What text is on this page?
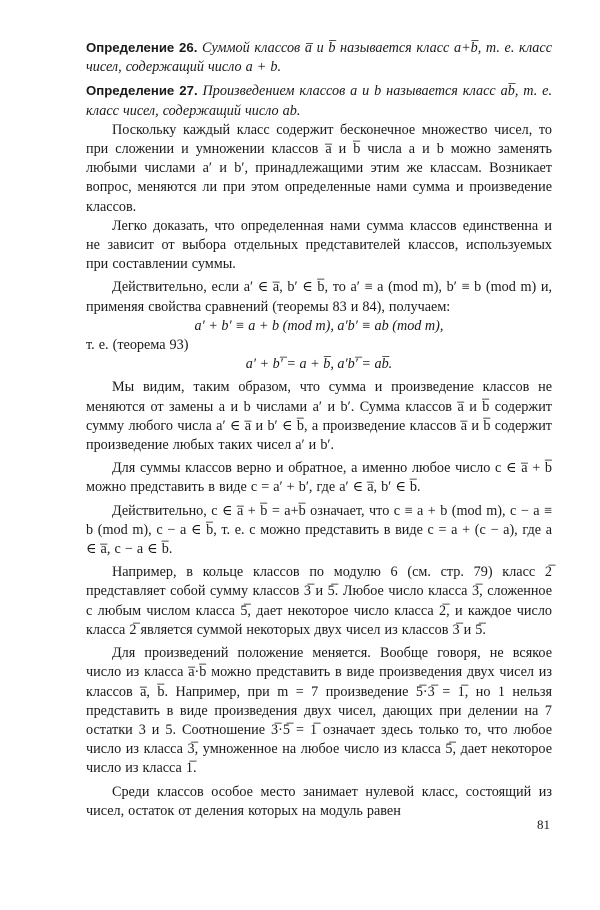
Определение 26. Суммой классов a̅ и b̅ называется класс a+b̅, т. е. класс чисел, содержащий число a + b.

Определение 27. Произведением классов a и b называется класс ab̅, т. е. класс чисел, содержащий число ab.

Поскольку каждый класс содержит бесконечное множество чисел, то при сложении и умножении классов a̅ и b̅ числа a и b можно заменять любыми числами a′ и b′, принадлежащими этим же классам. Возникает вопрос, меняются ли при этом определенные нами сумма и произведение классов.

Легко доказать, что определенная нами сумма классов единственна и не зависит от выбора отдельных представителей классов, используемых при составлении суммы.

Действительно, если a′ ∈ a̅, b′ ∈ b̅, то a′ ≡ a (mod m), b′ ≡ b (mod m) и, применяя свойства сравнений (теоремы 83 и 84), получаем:

a′ + b′ ≡ a + b (mod m), a′b′ ≡ ab (mod m),

т. е. (теорема 93)

a′ + b′̅ = a + b̅, a′b′̅ = ab̅.

Мы видим, таким образом, что сумма и произведение классов не меняются от замены a и b числами a′ и b′. Сумма классов a̅ и b̅ содержит сумму любого числа a′ ∈ a̅ и b′ ∈ b̅, а произведение классов a̅ и b̅ содержит произведение любых таких чисел a′ и b′.

Для суммы классов верно и обратное, а именно любое число c ∈ a̅ + b̅ можно представить в виде c = a′ + b′, где a′ ∈ a̅, b′ ∈ b̅.

Действительно, c ∈ a̅ + b̅ = a+b̅ означает, что c ≡ a + b (mod m), c − a ≡ b (mod m), c − a ∈ b̅, т. е. c можно представить в виде c = a + (c − a), где a ∈ a̅, c − a ∈ b̅.

Например, в кольце классов по модулю 6 (см. стр. 79) класс 2̅ представляет собой сумму классов 3̅ и 5̅. Любое число класса 3̅, сложенное с любым числом класса 5̅, дает некоторое число класса 2̅, и каждое число класса 2̅ является суммой некоторых двух чисел из классов 3̅ и 5̅.

Для произведений положение меняется. Вообще говоря, не всякое число из класса a̅·b̅ можно представить в виде произведения двух чисел из классов a̅, b̅. Например, при m = 7 произведение 5̅·3̅ = 1̅, но 1 нельзя представить в виде произведения двух чисел, дающих при делении на 7 остатки 3 и 5. Соотношение 3̅·5̅ = 1̅ означает здесь только то, что любое число из класса 3̅, умноженное на любое число из класса 5̅, дает некоторое число из класса 1̅.

Среди классов особое место занимает нулевой класс, состоящий из чисел, остаток от деления которых на модуль равен

81
